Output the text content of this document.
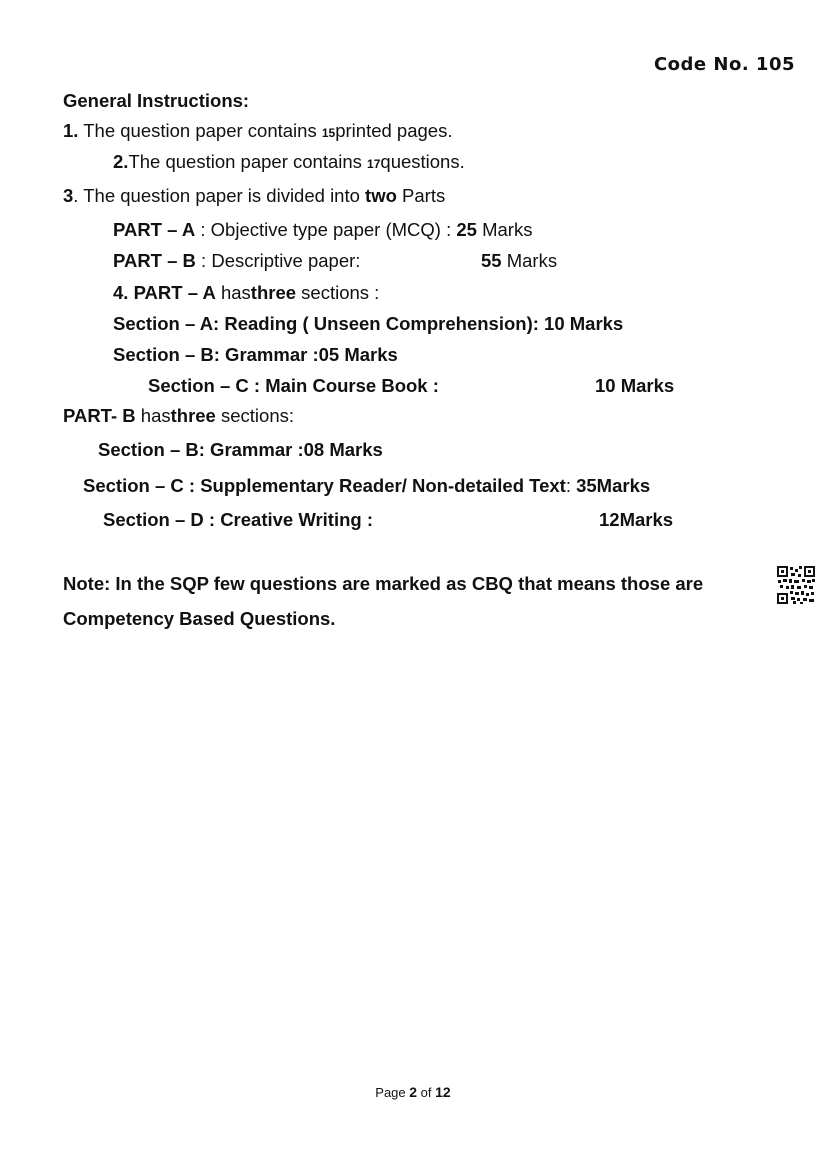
Code No. 105
General Instructions:
1. The question paper contains 15printed pages.
2.The question paper contains 17questions.
3. The question paper is divided into two Parts
PART – A : Objective type paper (MCQ) : 25 Marks
PART – B : Descriptive paper:	55 Marks
4. PART – A hasthree sections :
Section – A: Reading ( Unseen Comprehension): 10 Marks
Section – B: Grammar :05 Marks
Section – C : Main Course Book :	10 Marks
PART- B hasthree sections:
Section – B: Grammar :08 Marks
Section – C : Supplementary Reader/ Non-detailed Text: 35Marks
Section – D : Creative Writing :	12Marks
Note: In the SQP few questions are marked as CBQ that means those are
Competency Based Questions.
Page 2 of 12
